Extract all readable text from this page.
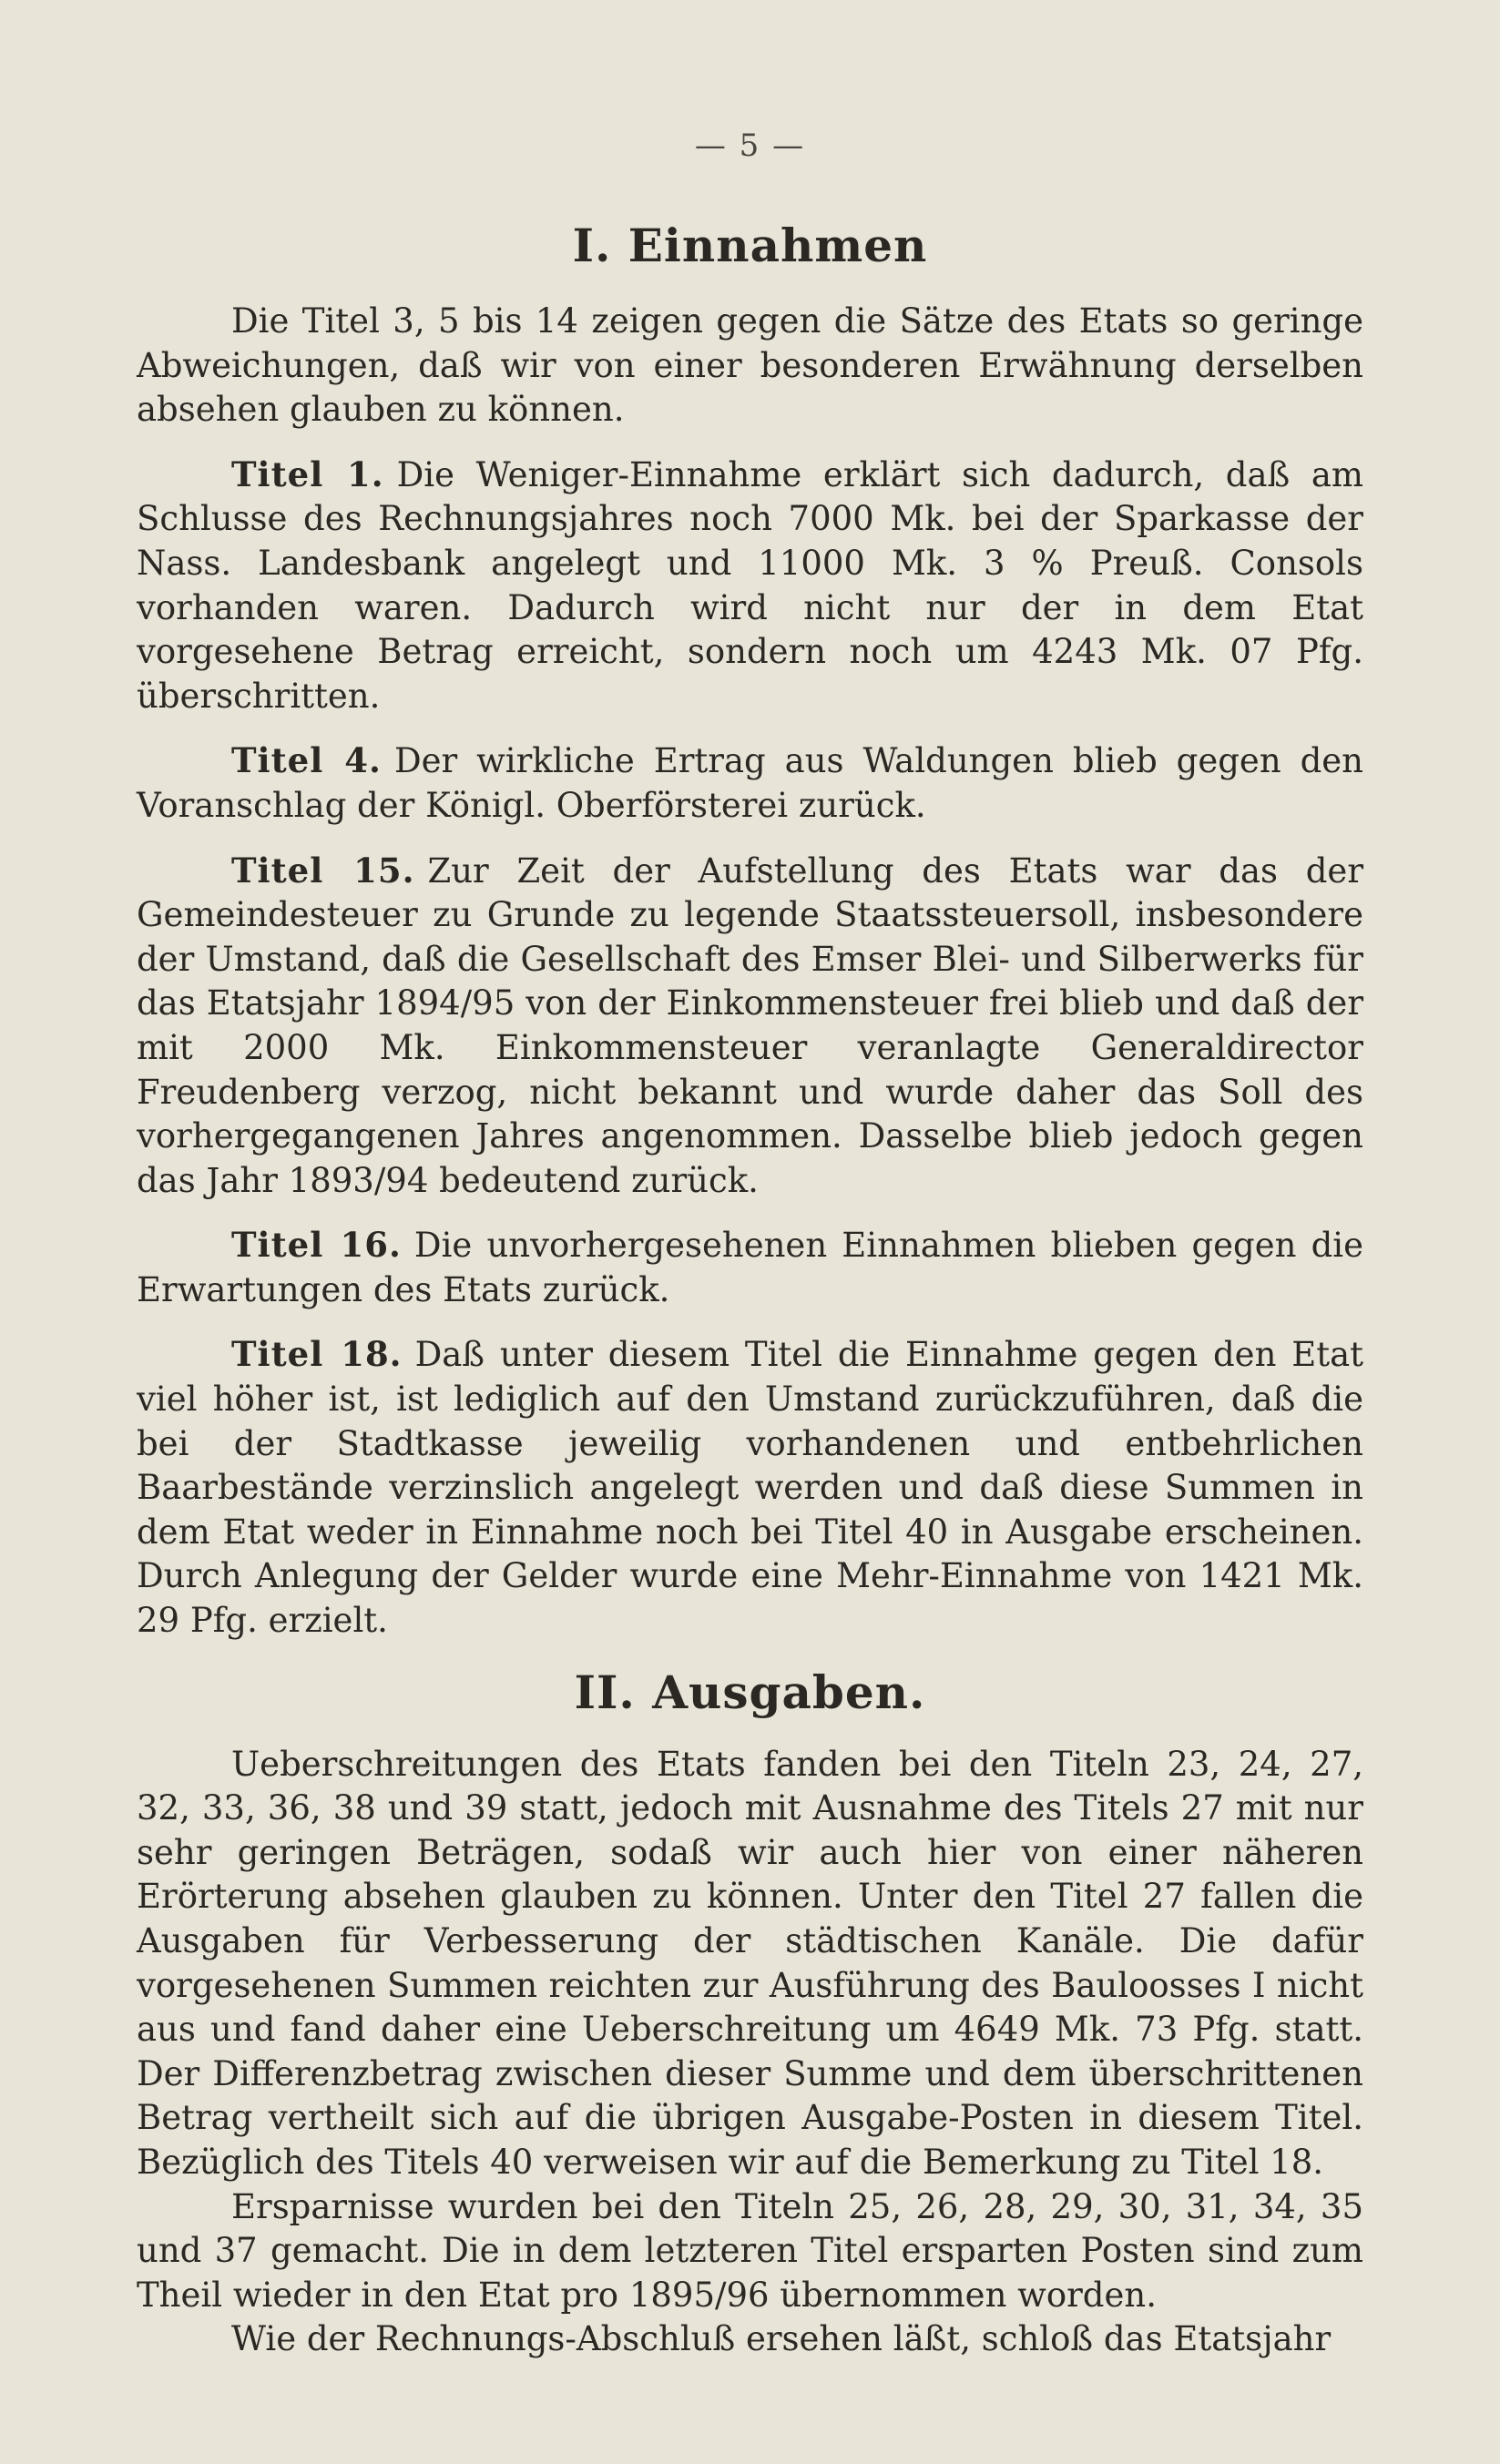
— 5 —
I. Einnahmen

Die Titel 3, 5 bis 14 zeigen gegen die Sätze des Etats so geringe Abweichungen, daß wir von einer besonderen Erwähnung derselben absehen glauben zu können.

Titel 1. Die Weniger-Einnahme erklärt sich dadurch, daß am Schlusse des Rechnungsjahres noch 7000 Mk. bei der Sparkasse der Nass. Landesbank angelegt und 11000 Mk. 3 % Preuß. Consols vorhanden waren. Dadurch wird nicht nur der in dem Etat vorgesehene Betrag erreicht, sondern noch um 4243 Mk. 07 Pfg. überschritten.

Titel 4. Der wirkliche Ertrag aus Waldungen blieb gegen den Voranschlag der Königl. Oberförsterei zurück.

Titel 15. Zur Zeit der Aufstellung des Etats war das der Gemeindesteuer zu Grunde zu legende Staatssteuersoll, insbesondere der Umstand, daß die Gesellschaft des Emser Blei- und Silberwerks für das Etatsjahr 1894/95 von der Einkommensteuer frei blieb und daß der mit 2000 Mk. Einkommensteuer veranlagte Generaldirector Freudenberg verzog, nicht bekannt und wurde daher das Soll des vorhergegangenen Jahres angenommen. Dasselbe blieb jedoch gegen das Jahr 1893/94 bedeutend zurück.

Titel 16. Die unvorhergesehenen Einnahmen blieben gegen die Erwartungen des Etats zurück.

Titel 18. Daß unter diesem Titel die Einnahme gegen den Etat viel höher ist, ist lediglich auf den Umstand zurückzuführen, daß die bei der Stadtkasse jeweilig vorhandenen und entbehrlichen Baarbestände verzinslich angelegt werden und daß diese Summen in dem Etat weder in Einnahme noch bei Titel 40 in Ausgabe erscheinen. Durch Anlegung der Gelder wurde eine Mehr-Einnahme von 1421 Mk. 29 Pfg. erzielt.

II. Ausgaben.

Ueberschreitungen des Etats fanden bei den Titeln 23, 24, 27, 32, 33, 36, 38 und 39 statt, jedoch mit Ausnahme des Titels 27 mit nur sehr geringen Beträgen, sodaß wir auch hier von einer näheren Erörterung absehen glauben zu können. Unter den Titel 27 fallen die Ausgaben für Verbesserung der städtischen Kanäle. Die dafür vorgesehenen Summen reichten zur Ausführung des Bauloosses I nicht aus und fand daher eine Ueberschreitung um 4649 Mk. 73 Pfg. statt. Der Differenzbetrag zwischen dieser Summe und dem überschrittenen Betrag vertheilt sich auf die übrigen Ausgabe-Posten in diesem Titel. Bezüglich des Titels 40 verweisen wir auf die Bemerkung zu Titel 18.

Ersparnisse wurden bei den Titeln 25, 26, 28, 29, 30, 31, 34, 35 und 37 gemacht. Die in dem letzteren Titel ersparten Posten sind zum Theil wieder in den Etat pro 1895/96 übernommen worden.

Wie der Rechnungs-Abschluß ersehen läßt, schloß das Etatsjahr
